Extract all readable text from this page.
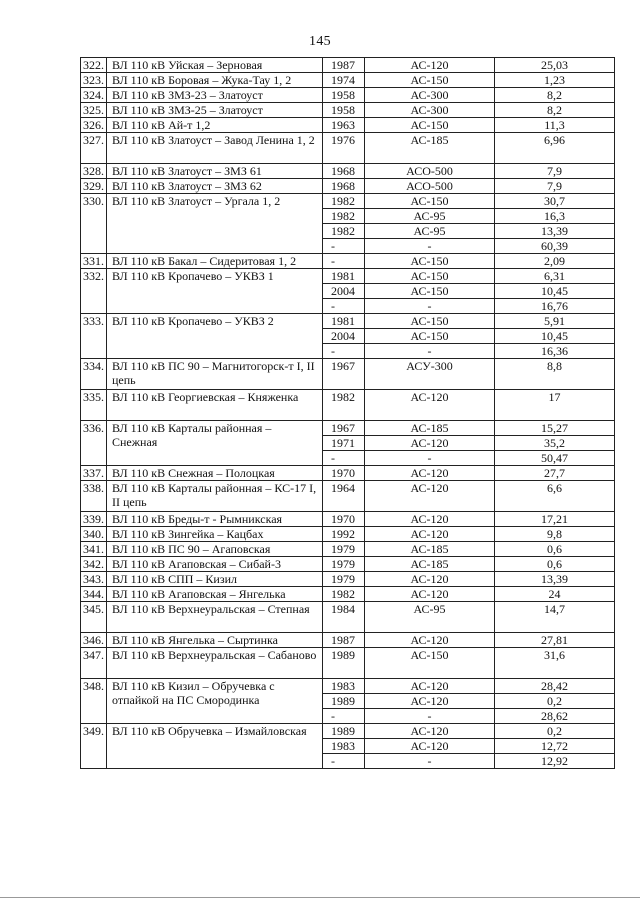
145
322.	ВЛ 110 кВ Уйская – Зерновая	1987	АС-120	25,03
323.	ВЛ 110 кВ Боровая – Жука-Тау 1, 2	1974	АС-150	1,23
324.	ВЛ 110 кВ ЗМЗ-23 – Златоуст	1958	АС-300	8,2
325.	ВЛ 110 кВ ЗМЗ-25 – Златоуст	1958	АС-300	8,2
326.	ВЛ 110 кВ Ай-т 1,2	1963	АС-150	11,3
327.	ВЛ 110 кВ Златоуст – Завод Ленина 1, 2	1976	АС-185	6,96
328.	ВЛ 110 кВ Златоуст – ЗМЗ 61	1968	АСО-500	7,9
329.	ВЛ 110 кВ Златоуст – ЗМЗ 62	1968	АСО-500	7,9
330.	ВЛ 110 кВ Златоуст – Ургала 1, 2	1982	АС-150	30,7
		1982	АС-95	16,3
		1982	АС-95	13,39
		-	-	60,39
331.	ВЛ 110 кВ Бакал – Сидеритовая 1, 2	-	АС-150	2,09
332.	ВЛ 110 кВ Кропачево – УКВЗ 1	1981	АС-150	6,31
		2004	АС-150	10,45
		-	-	16,76
333.	ВЛ 110 кВ Кропачево – УКВЗ 2	1981	АС-150	5,91
		2004	АС-150	10,45
		-	-	16,36
334.	ВЛ 110 кВ ПС 90 – Магнитогорск-т I, II цепь	1967	АСУ-300	8,8
335.	ВЛ 110 кВ Георгиевская – Княженка	1982	АС-120	17
336.	ВЛ 110 кВ Карталы районная – Снежная	1967	АС-185	15,27
		1971	АС-120	35,2
		-	-	50,47
337.	ВЛ 110 кВ Снежная – Полоцкая	1970	АС-120	27,7
338.	ВЛ 110 кВ Карталы районная – КС-17 I, II цепь	1964	АС-120	6,6
339.	ВЛ 110 кВ Бреды-т - Рымникская	1970	АС-120	17,21
340.	ВЛ 110 кВ Зингейка – Кацбах	1992	АС-120	9,8
341.	ВЛ 110 кВ ПС 90 – Агаповская	1979	АС-185	0,6
342.	ВЛ 110 кВ Агаповская – Сибай-3	1979	АС-185	0,6
343.	ВЛ 110 кВ СПП – Кизил	1979	АС-120	13,39
344.	ВЛ 110 кВ Агаповская – Янгелька	1982	АС-120	24
345.	ВЛ 110 кВ Верхнеуральская – Степная	1984	АС-95	14,7
346.	ВЛ 110 кВ Янгелька – Сыртинка	1987	АС-120	27,81
347.	ВЛ 110 кВ Верхнеуральская – Сабаново	1989	АС-150	31,6
348.	ВЛ 110 кВ Кизил – Обручевка с отпайкой на ПС Смородинка	1983	АС-120	28,42
		1989	АС-120	0,2
		-	-	28,62
349.	ВЛ 110 кВ Обручевка – Измайловская	1989	АС-120	0,2
		1983	АС-120	12,72
		-	-	12,92
